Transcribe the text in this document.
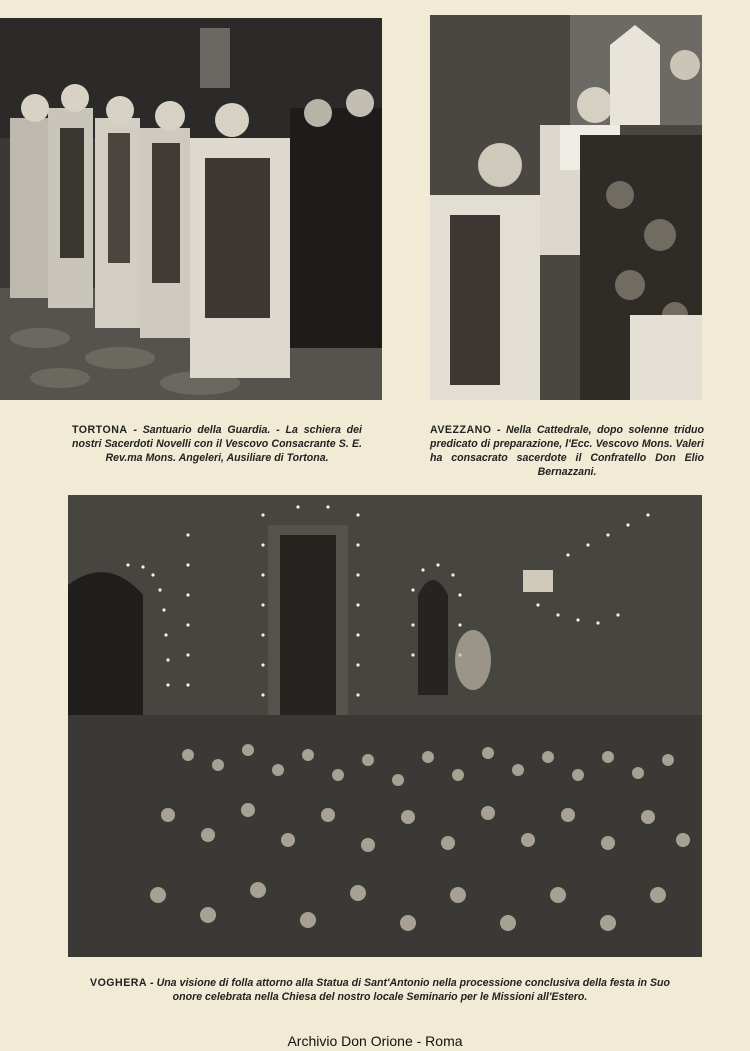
TORTONA - Santuario della Guardia. - La schiera dei nostri Sacerdoti Novelli con il Vescovo Consacrante S. E. Rev.ma Mons. Angeleri, Ausiliare di Tortona.
AVEZZANO - Nella Cattedrale, dopo solenne triduo predicato di preparazione, l'Ecc. Vescovo Mons. Valeri ha consacrato sacerdote il Confratello Don Elio Bernazzani.
VOGHERA - Una visione di folla attorno alla Statua di Sant'Antonio nella processione conclusiva della festa in Suo onore celebrata nella Chiesa del nostro locale Seminario per le Missioni all'Estero.
Archivio Don Orione - Roma
